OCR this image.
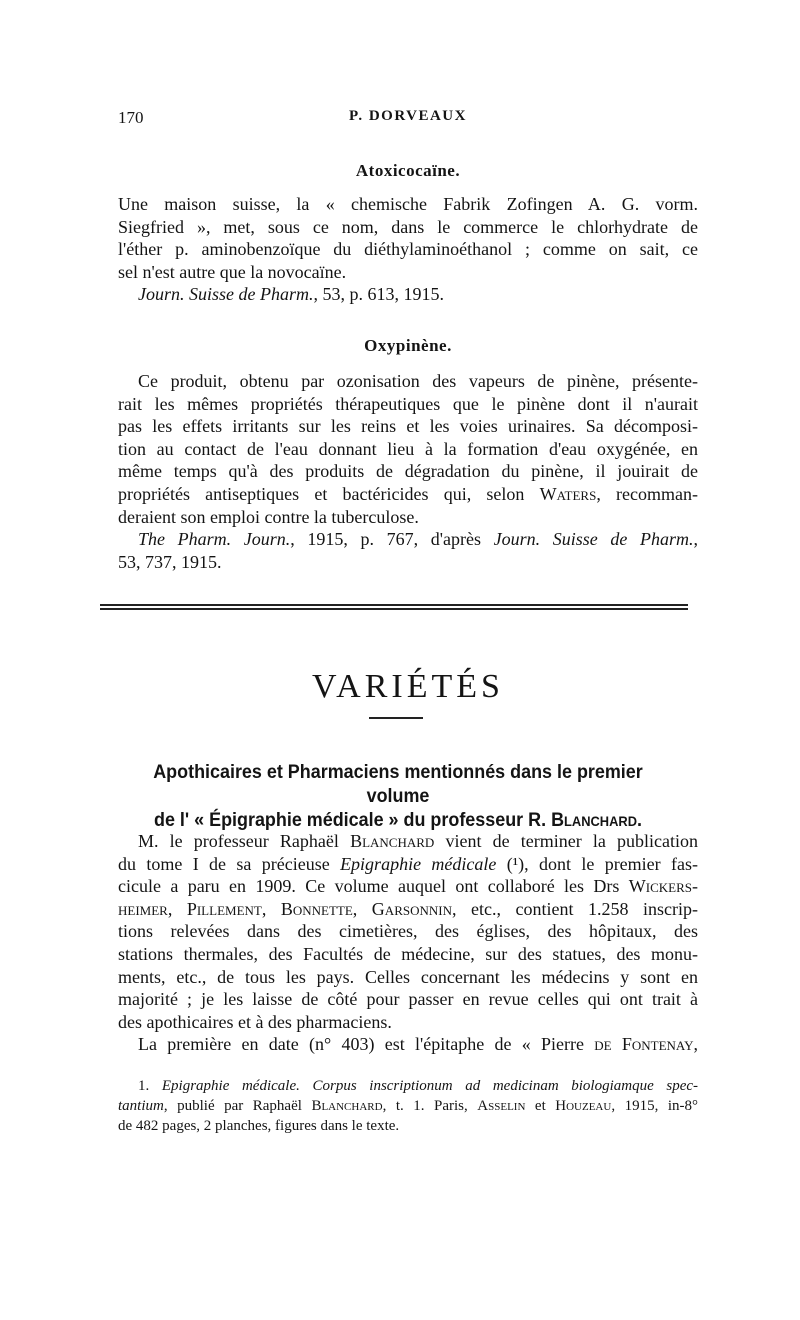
170	P. DORVEAUX
Atoxicocaïne.
Une maison suisse, la « chemische Fabrik Zofingen A. G. vorm.
Siegfried », met, sous ce nom, dans le commerce le chlorhydrate de
l'éther p. aminobenzoïque du diéthylaminoéthanol ; comme on sait, ce
sel n'est autre que la novocaïne.
Journ. Suisse de Pharm., 53, p. 613, 1915.
Oxypinène.
Ce produit, obtenu par ozonisation des vapeurs de pinène, présente-
rait les mêmes propriétés thérapeutiques que le pinène dont il n'aurait
pas les effets irritants sur les reins et les voies urinaires. Sa décomposi-
tion au contact de l'eau donnant lieu à la formation d'eau oxygénée, en
même temps qu'à des produits de dégradation du pinène, il jouirait de
propriétés antiseptiques et bactéricides qui, selon Waters, recomman-
deraient son emploi contre la tuberculose.
The Pharm. Journ., 1915, p. 767, d'après Journ. Suisse de Pharm.,
53, 737, 1915.
VARIÉTÉS
Apothicaires et Pharmaciens mentionnés dans le premier volume
de l' « Épigraphie médicale » du professeur R. Blanchard.
M. le professeur Raphaël Blanchard vient de terminer la publication
du tome I de sa précieuse Epigraphie médicale (¹), dont le premier fas-
cicule a paru en 1909. Ce volume auquel ont collaboré les Drs Wickers-
heimer, Pillement, Bonnette, Garsonnin, etc., contient 1.258 inscrip-
tions relevées dans des cimetières, des églises, des hôpitaux, des
stations thermales, des Facultés de médecine, sur des statues, des monu-
ments, etc., de tous les pays. Celles concernant les médecins y sont en
majorité ; je les laisse de côté pour passer en revue celles qui ont trait à
des apothicaires et à des pharmaciens.
La première en date (n° 403) est l'épitaphe de « Pierre de Fontenay,
1. Epigraphie médicale. Corpus inscriptionum ad medicinam biologiamque spec-
tantium, publié par Raphaël Blanchard, t. 1. Paris, Asselin et Houzeau, 1915, in-8°
de 482 pages, 2 planches, figures dans le texte.
